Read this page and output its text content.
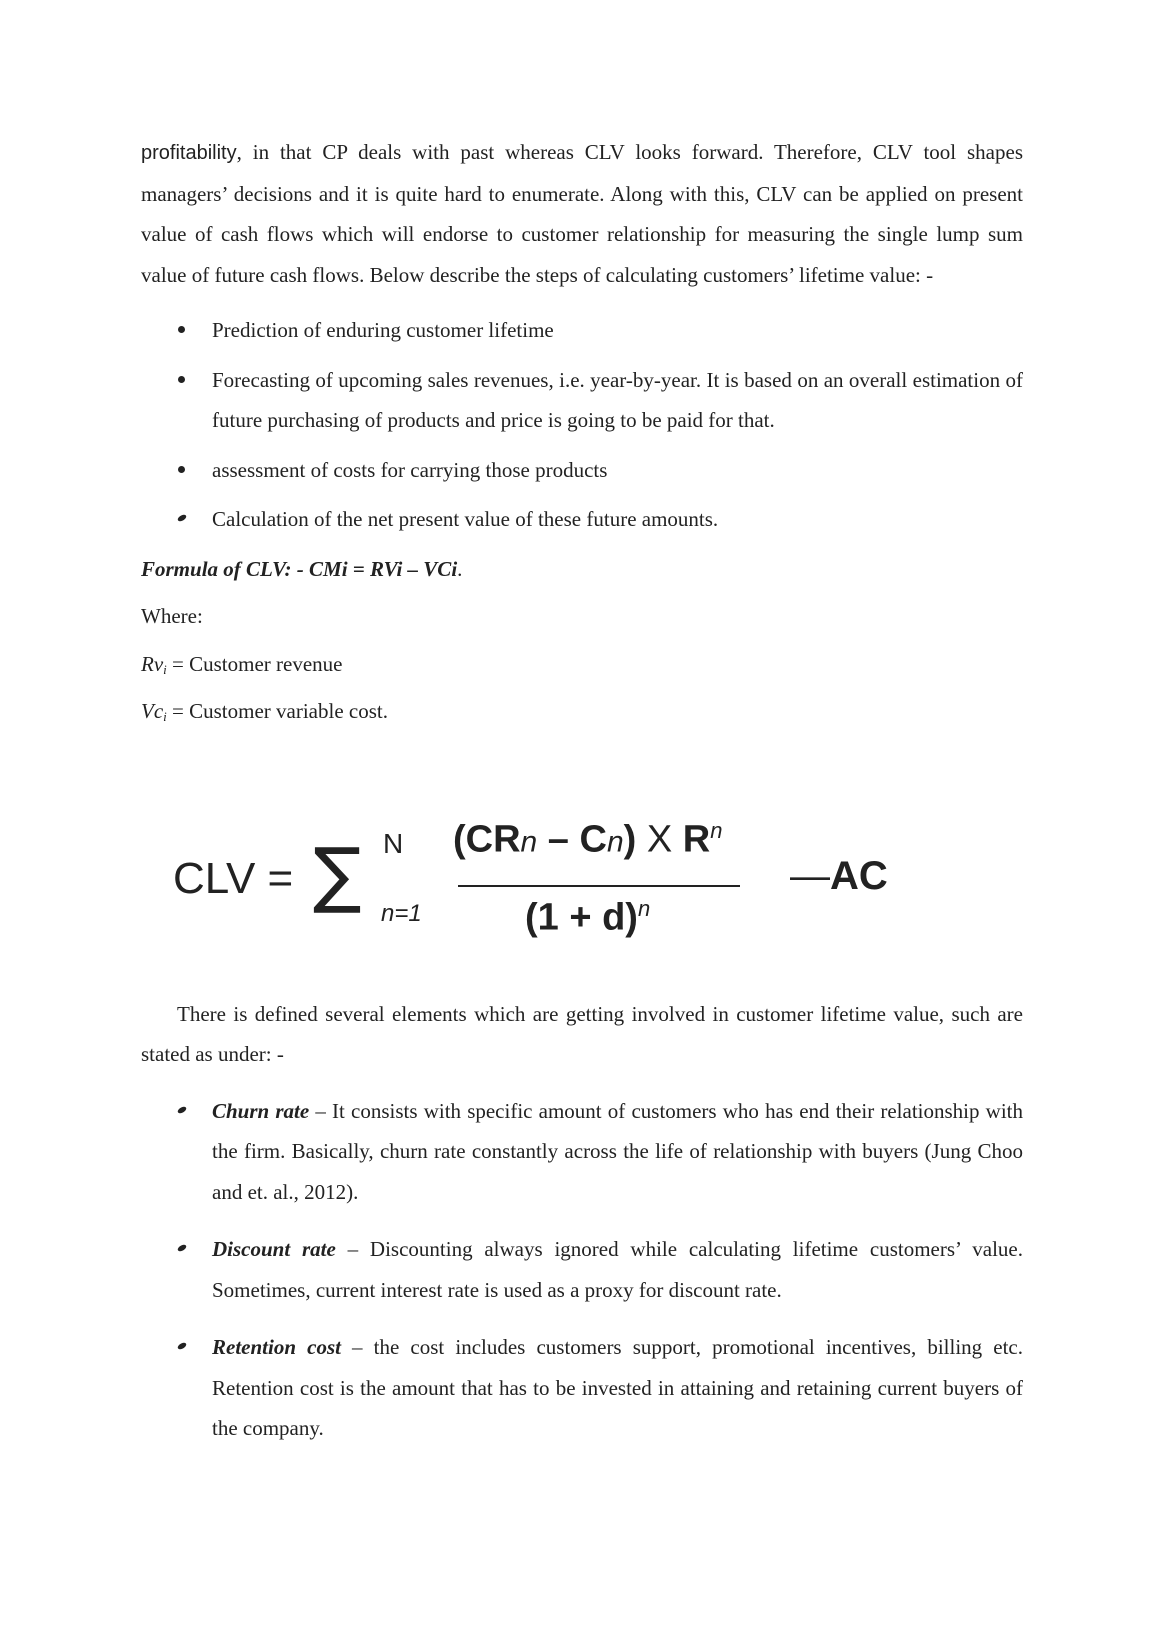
profitability, in that CP deals with past whereas CLV looks forward. Therefore, CLV tool shapes managers’ decisions and it is quite hard to enumerate. Along with this, CLV can be applied on present value of cash flows which will endorse to customer relationship for measuring the single lump sum value of future cash flows. Below describe the steps of calculating customers’ lifetime value: -

Prediction of enduring customer lifetime
Forecasting of upcoming sales revenues, i.e. year-by-year. It is based on an overall estimation of future purchasing of products and price is going to be paid for that.
assessment of costs for carrying those products
Calculation of the net present value of these future amounts.

Formula of CLV: - CMi = RVi – VCi.

Where:

$Rv_i$ = Customer revenue

$Vc_i$ = Customer variable cost.

CLV = ∑ N
n=1
(CRn – Cn) X $R^n$
$(1 + d)^n$
—AC

There is defined several elements which are getting involved in customer lifetime value, such are stated as under: -

Churn rate – It consists with specific amount of customers who has end their relationship with the firm. Basically, churn rate constantly across the life of relationship with buyers (Jung Choo and et. al., 2012).
Discount rate – Discounting always ignored while calculating lifetime customers’ value. Sometimes, current interest rate is used as a proxy for discount rate.
Retention cost – the cost includes customers support, promotional incentives, billing etc. Retention cost is the amount that has to be invested in attaining and retaining current buyers of the company.
